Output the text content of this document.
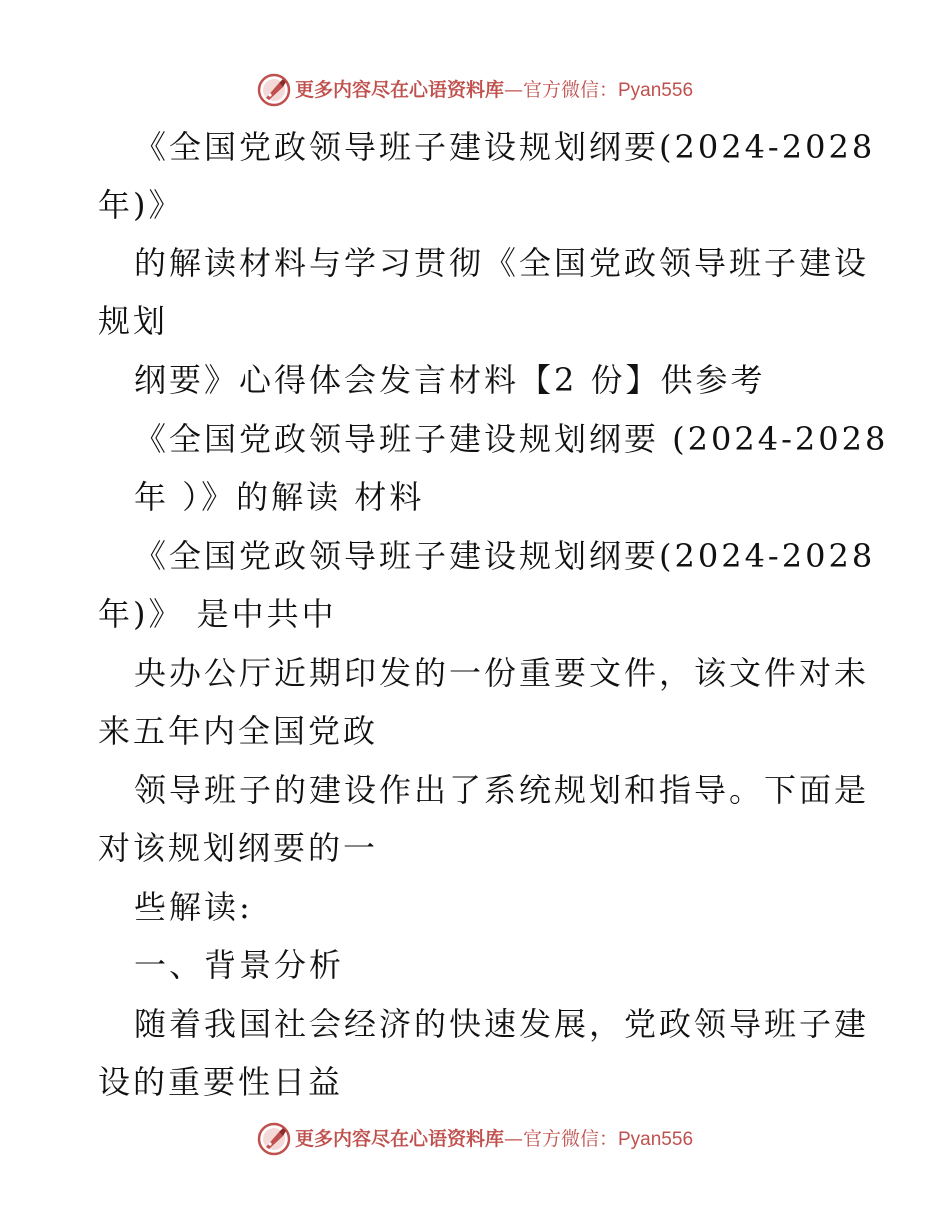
更多内容尽在心语资料库—官方微信：Pyan556

《全国党政领导班子建设规划纲要(2024-2028

年)》

的解读材料与学习贯彻《全国党政领导班子建设

规划

纲要》心得体会发言材料【2 份】供参考

《全国党政领导班子建设规划纲要 (2024-2028

年 ）》的解读 材料

《全国党政领导班子建设规划纲要(2024-2028

年)》 是中共中

央办公厅近期印发的一份重要文件，该文件对未

来五年内全国党政

领导班子的建设作出了系统规划和指导。下面是

对该规划纲要的一

些解读:

一、背景分析

随着我国社会经济的快速发展，党政领导班子建

设的重要性日益

更多内容尽在心语资料库—官方微信：Pyan556
